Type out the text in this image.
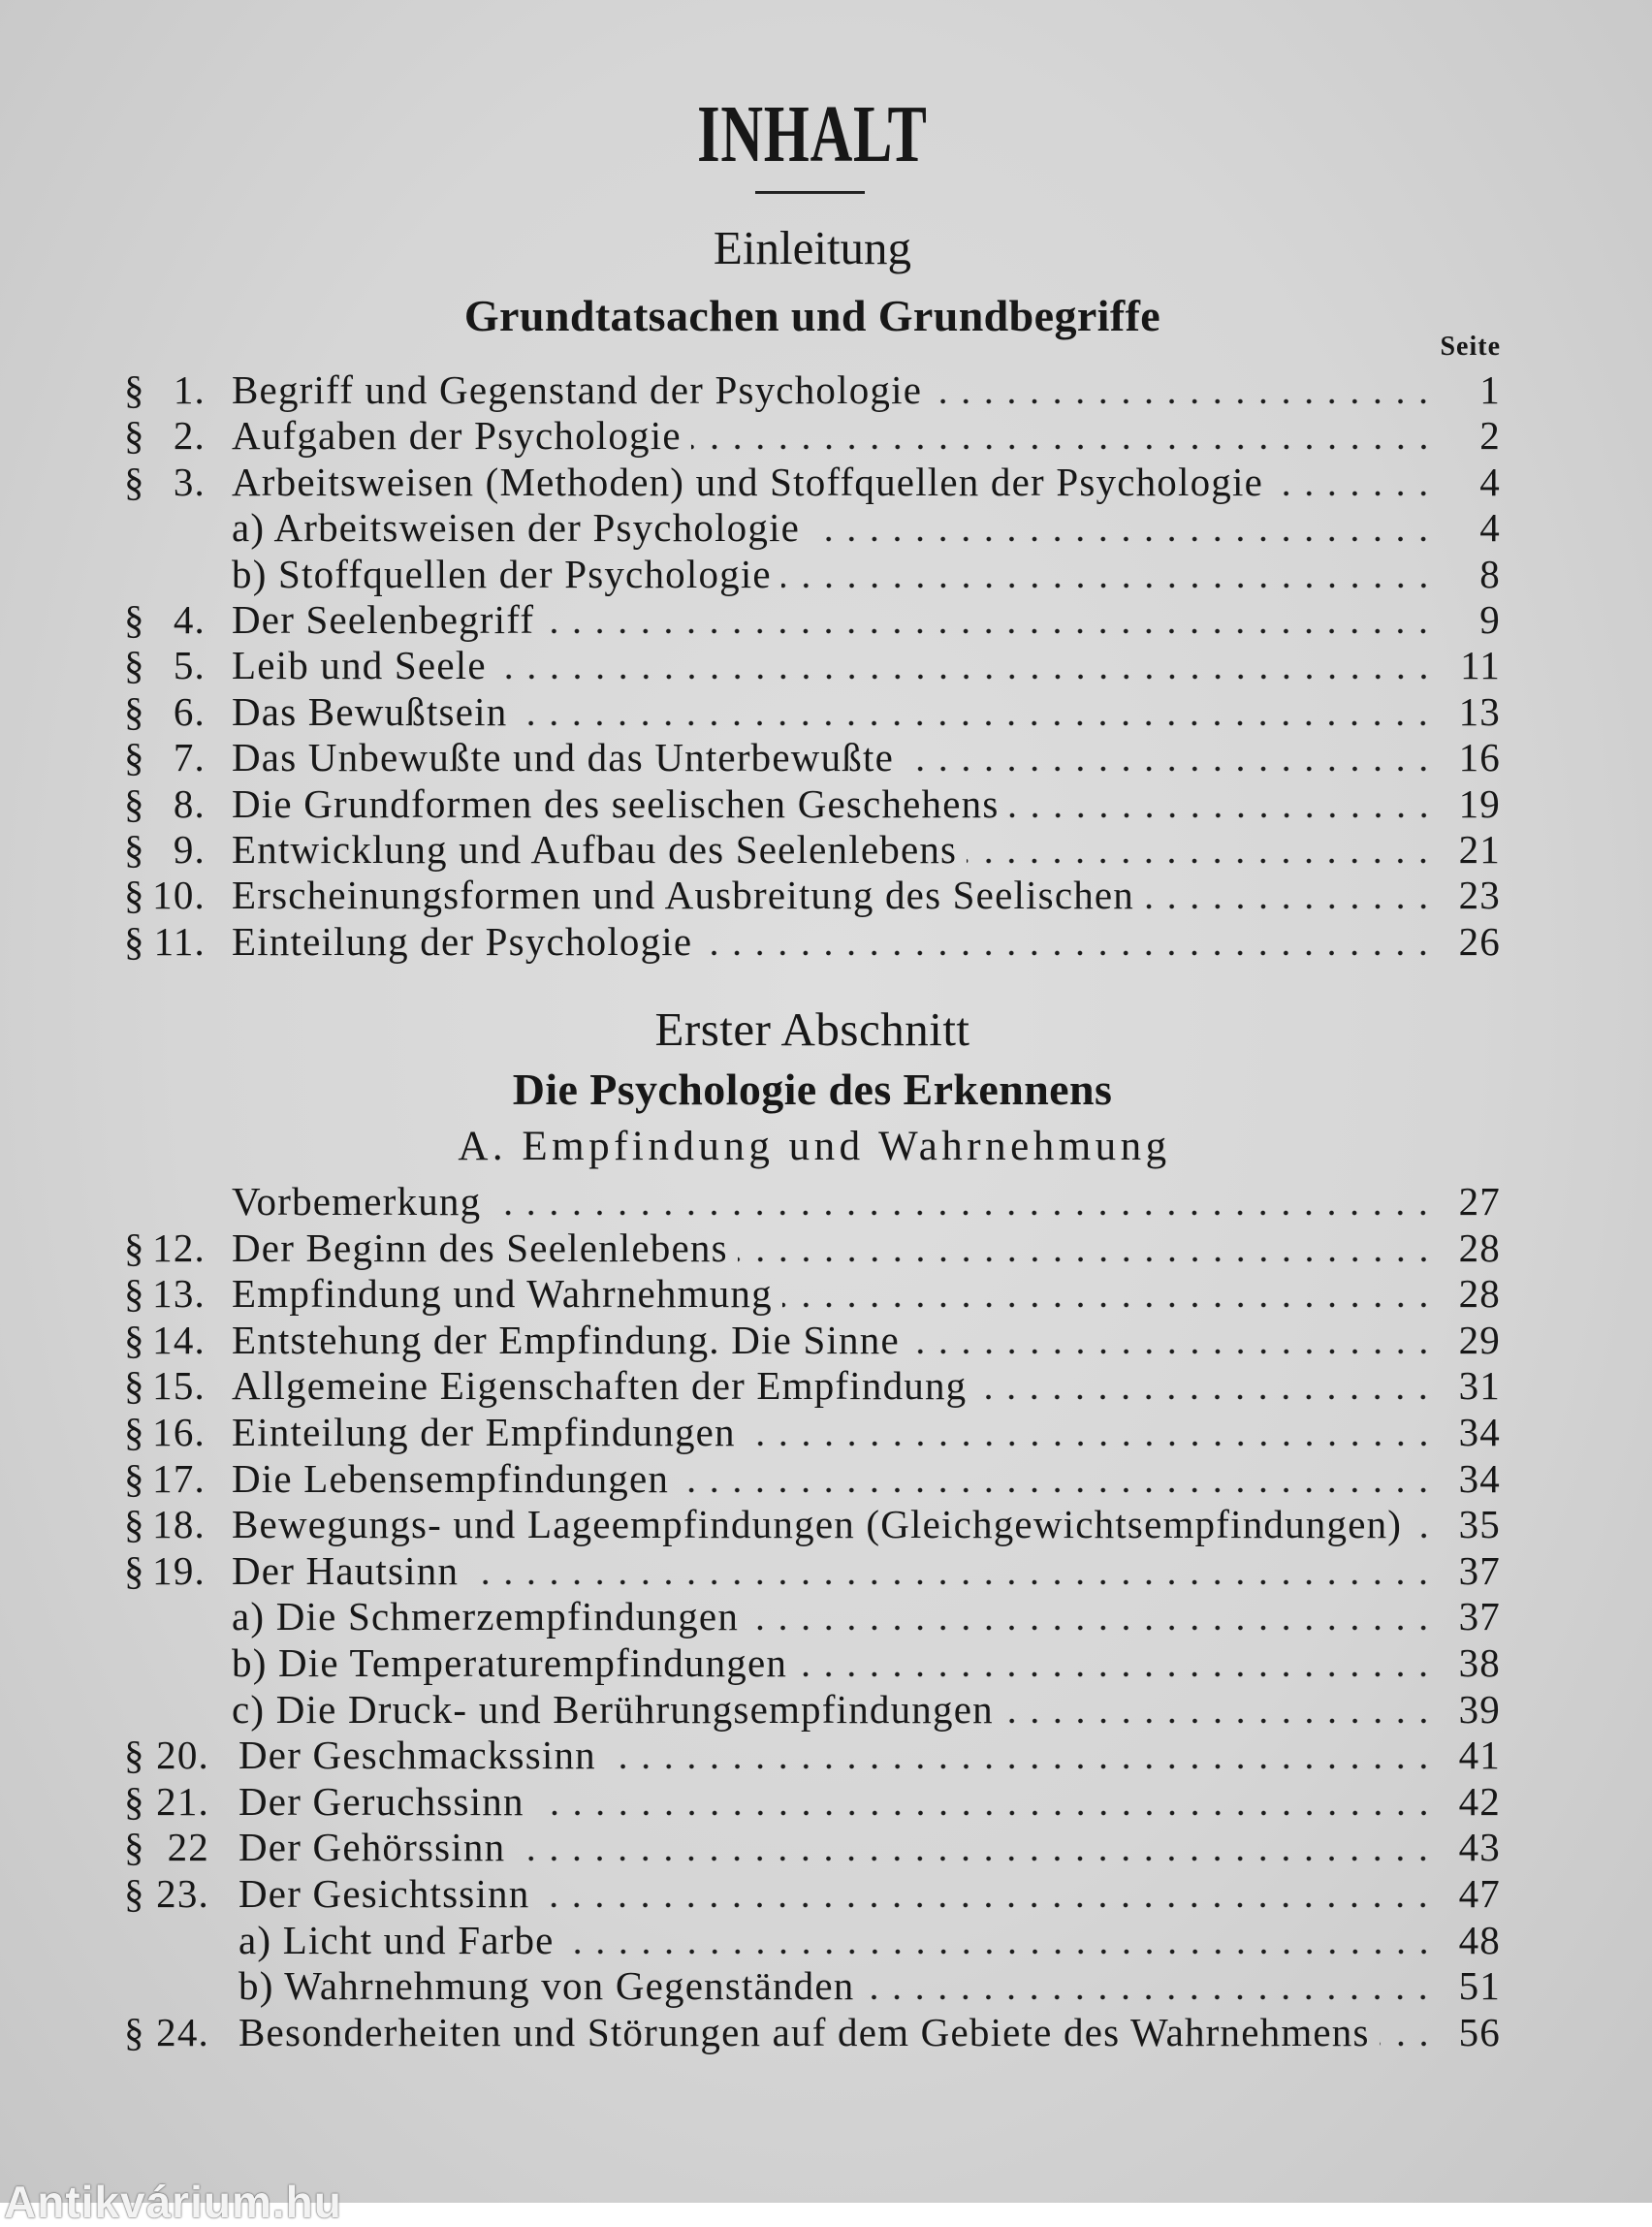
INHALT
Einleitung
Grundtatsachen und Grundbegriffe
Seite
§ 1. Begriff und Gegenstand der Psychologie	1
§ 2. Aufgaben der Psychologie	2
§ 3. Arbeitsweisen (Methoden) und Stoffquellen der Psychologie	4
a) Arbeitsweisen der Psychologie	4
b) Stoffquellen der Psychologie	8
§ 4. Der Seelenbegriff	9
§ 5. Leib und Seele	11
§ 6. Das Bewußtsein	13
§ 7. Das Unbewußte und das Unterbewußte	16
§ 8. Die Grundformen des seelischen Geschehens	19
§ 9. Entwicklung und Aufbau des Seelenlebens	21
§ 10. Erscheinungsformen und Ausbreitung des Seelischen	23
§ 11. Einteilung der Psychologie	26
Erster Abschnitt
Die Psychologie des Erkennens
A. Empfindung und Wahrnehmung
Vorbemerkung	27
§ 12. Der Beginn des Seelenlebens	28
§ 13. Empfindung und Wahrnehmung	28
§ 14. Entstehung der Empfindung. Die Sinne	29
§ 15. Allgemeine Eigenschaften der Empfindung	31
§ 16. Einteilung der Empfindungen	34
§ 17. Die Lebensempfindungen	34
§ 18. Bewegungs- und Lageempfindungen (Gleichgewichtsempfindungen)	35
§ 19. Der Hautsinn	37
a) Die Schmerzempfindungen	37
b) Die Temperaturempfindungen	38
c) Die Druck- und Berührungsempfindungen	39
§ 20. Der Geschmackssinn	41
§ 21. Der Geruchssinn	42
§ 22 Der Gehörssinn	43
§ 23. Der Gesichtssinn	47
a) Licht und Farbe	48
b) Wahrnehmung von Gegenständen	51
§ 24. Besonderheiten und Störungen auf dem Gebiete des Wahrnehmens	56
Antikvárium.hu
